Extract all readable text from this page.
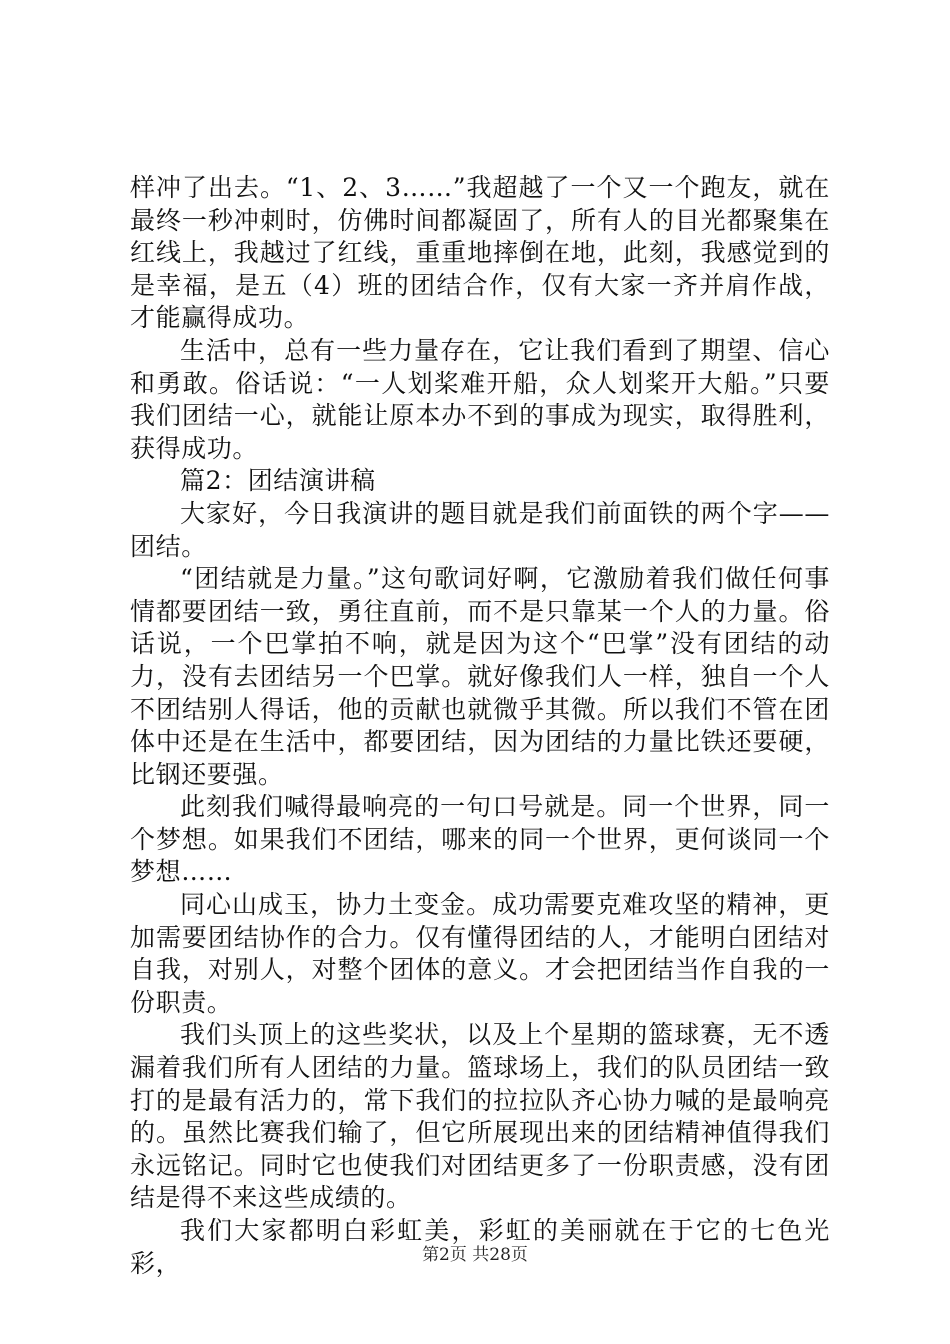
样冲了出去。“1、2、3……”我超越了一个又一个跑友，就在最终一秒冲刺时，仿佛时间都凝固了，所有人的目光都聚集在红线上，我越过了红线，重重地摔倒在地，此刻，我感觉到的是幸福，是五（4）班的团结合作，仅有大家一齐并肩作战，才能赢得成功。

生活中，总有一些力量存在，它让我们看到了期望、信心和勇敢。俗话说：“一人划桨难开船，众人划桨开大船。”只要我们团结一心，就能让原本办不到的事成为现实，取得胜利，获得成功。

篇2：团结演讲稿

大家好，今日我演讲的题目就是我们前面铁的两个字——团结。

“团结就是力量。”这句歌词好啊，它激励着我们做任何事情都要团结一致，勇往直前，而不是只靠某一个人的力量。俗话说，一个巴掌拍不响，就是因为这个“巴掌”没有团结的动力，没有去团结另一个巴掌。就好像我们人一样，独自一个人不团结别人得话，他的贡献也就微乎其微。所以我们不管在团体中还是在生活中，都要团结，因为团结的力量比铁还要硬，比钢还要强。

此刻我们喊得最响亮的一句口号就是。同一个世界，同一个梦想。如果我们不团结，哪来的同一个世界，更何谈同一个梦想……

同心山成玉，协力土变金。成功需要克难攻坚的精神，更加需要团结协作的合力。仅有懂得团结的人，才能明白团结对自我，对别人，对整个团体的意义。才会把团结当作自我的一份职责。

我们头顶上的这些奖状，以及上个星期的篮球赛，无不透漏着我们所有人团结的力量。篮球场上，我们的队员团结一致打的是最有活力的，常下我们的拉拉队齐心协力喊的是最响亮的。虽然比赛我们输了，但它所展现出来的团结精神值得我们永远铭记。同时它也使我们对团结更多了一份职责感，没有团结是得不来这些成绩的。

我们大家都明白彩虹美，彩虹的美丽就在于它的七色光彩，	第2页 共28页
